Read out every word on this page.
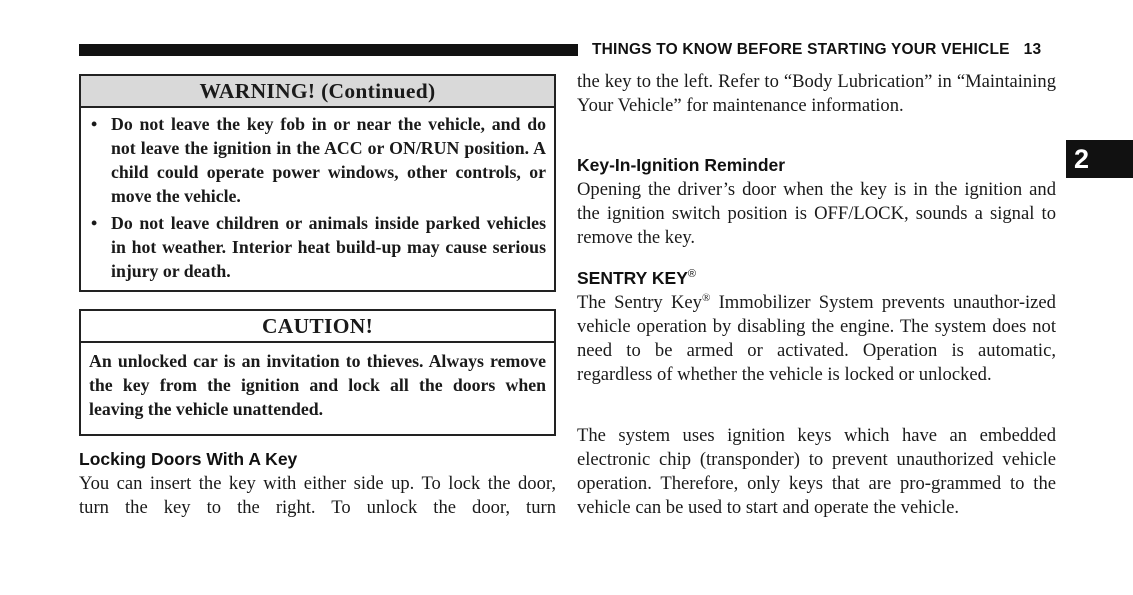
THINGS TO KNOW BEFORE STARTING YOUR VEHICLE 13
2
WARNING! (Continued)
• Do not leave the key fob in or near the vehicle, and do not leave the ignition in the ACC or ON/RUN position. A child could operate power windows, other controls, or move the vehicle.
• Do not leave children or animals inside parked vehicles in hot weather. Interior heat build-up may cause serious injury or death.
CAUTION!
An unlocked car is an invitation to thieves. Always remove the key from the ignition and lock all the doors when leaving the vehicle unattended.
Locking Doors With A Key

You can insert the key with either side up. To lock the door, turn the key to the right. To unlock the door, turn

the key to the left. Refer to “Body Lubrication” in “Maintaining Your Vehicle” for maintenance information.

Key-In-Ignition Reminder

Opening the driver’s door when the key is in the ignition and the ignition switch position is OFF/LOCK, sounds a signal to remove the key.

SENTRY KEY®

The Sentry Key® Immobilizer System prevents unauthor-ized vehicle operation by disabling the engine. The system does not need to be armed or activated. Operation is automatic, regardless of whether the vehicle is locked or unlocked.

The system uses ignition keys which have an embedded electronic chip (transponder) to prevent unauthorized vehicle operation. Therefore, only keys that are pro-grammed to the vehicle can be used to start and operate the vehicle.
